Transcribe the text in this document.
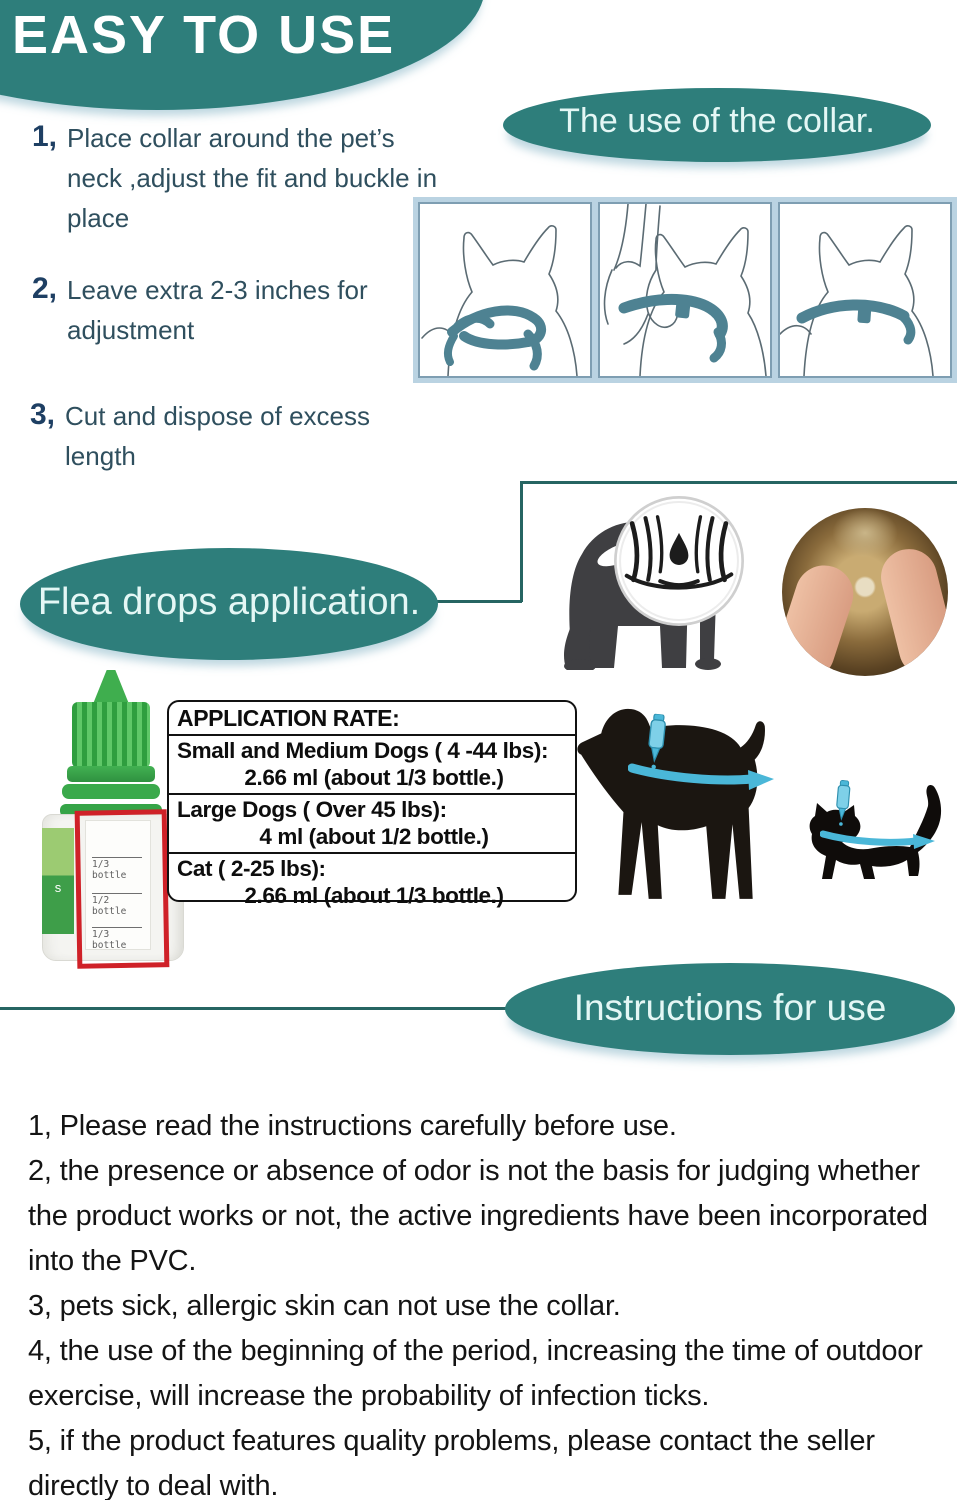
EASY TO USE
1, Place collar around the pet’s neck ,adjust the fit and buckle in place
2, Leave extra 2-3 inches for adjustment
3, Cut and dispose of excess length
The use of the collar.
Flea drops application.
s
1/3 bottle
1/2 bottle
1/3 bottle
APPLICATION RATE:
Small and Medium Dogs ( 4 -44 lbs):
2.66 ml (about 1/3 bottle.)
Large Dogs ( Over 45 lbs):
4 ml (about 1/2 bottle.)
Cat ( 2-25 lbs):
2.66 ml (about 1/3 bottle.)
Instructions for use

1, Please read the instructions carefully before use.

2, the presence or absence of odor is not the basis for judging whether the product works or not, the active ingredients have been incorporated into the PVC.

3, pets sick, allergic skin can not use the collar.

4, the use of the beginning of the period, increasing the time of outdoor exercise, will increase the probability of infection ticks.

5, if the product features quality problems, please contact the seller directly to deal with.
